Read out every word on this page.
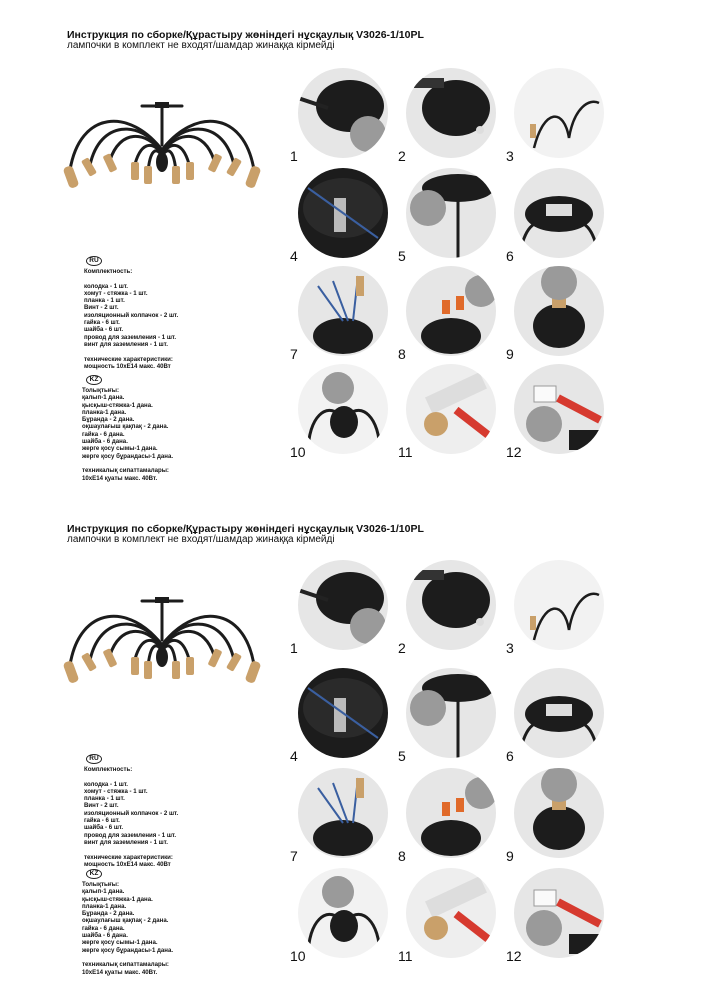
Инструкция по сборке/Құрастыру жөніндегі нұсқаулық V3026-1/10PL
лампочки в комплект не входят/шамдар жинаққа кірмейді
RU
Комплектность:

колодка - 1 шт.
хомут - стяжка - 1 шт.
планка - 1 шт.
Винт - 2 шт.
изоляционный колпачок - 2 шт.
гайка - 6 шт.
шайба - 6 шт.
провод для заземления - 1 шт.
винт для заземления - 1 шт.

технические характеристики:
мощность 10хЕ14 макс. 40Вт
KZ
Толықтығы:
қалып-1 дана.
қысқыш-стяжка-1 дана.
планка-1 дана.
Бұранда - 2 дана.
оқшаулағыш қақпақ - 2 дана.
гайка - 6 дана.
шайба - 6 дана.
жерге қосу сымы-1 дана.
жерге қосу бұрандасы-1 дана.

техникалық сипаттамалары:
10хЕ14 қуаты макс. 40Вт.
1	2	3
4	5	6
7	8	9
10	11	12
Инструкция по сборке/Құрастыру жөніндегі нұсқаулық V3026-1/10PL
лампочки в комплект не входят/шамдар жинаққа кірмейді
RU
Комплектность:

колодка - 1 шт.
хомут - стяжка - 1 шт.
планка - 1 шт.
Винт - 2 шт.
изоляционный колпачок - 2 шт.
гайка - 6 шт.
шайба - 6 шт.
провод для заземления - 1 шт.
винт для заземления - 1 шт.

технические характеристики:
мощность 10хЕ14 макс. 40Вт
KZ
Толықтығы:
қалып-1 дана.
қысқыш-стяжка-1 дана.
планка-1 дана.
Бұранда - 2 дана.
оқшаулағыш қақпақ - 2 дана.
гайка - 6 дана.
шайба - 6 дана.
жерге қосу сымы-1 дана.
жерге қосу бұрандасы-1 дана.

техникалық сипаттамалары:
10хЕ14 қуаты макс. 40Вт.
1	2	3
4	5	6
7	8	9
10	11	12
